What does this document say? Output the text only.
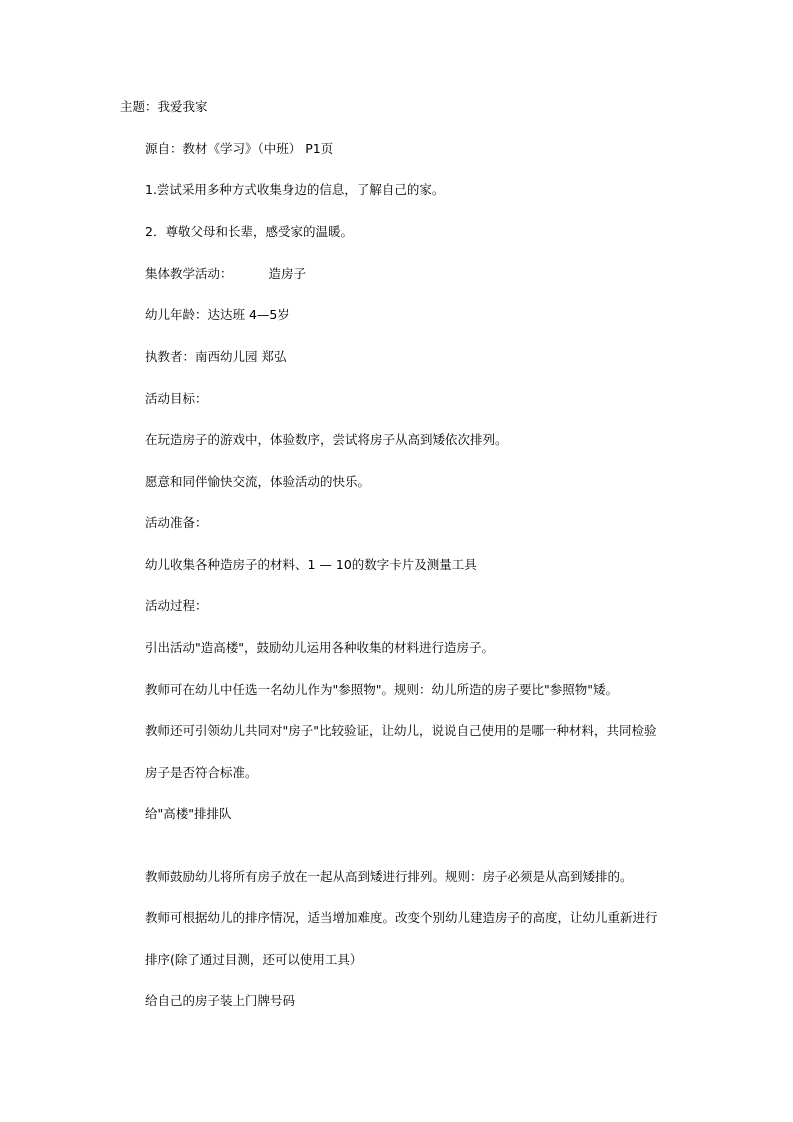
主题：我爱我家
源自：教材《学习》（中班） P1页
1.尝试采用多种方式收集身边的信息，了解自己的家。
2．尊敬父母和长辈，感受家的温暖。
集体教学活动：	造房子
幼儿年龄：达达班 4—5岁
执教者：南西幼儿园 郑弘
活动目标：
在玩造房子的游戏中，体验数序，尝试将房子从高到矮依次排列。
愿意和同伴愉快交流，体验活动的快乐。
活动准备：
幼儿收集各种造房子的材料、1 — 10的数字卡片及测量工具
活动过程：
引出活动"造高楼"，鼓励幼儿运用各种收集的材料进行造房子。
教师可在幼儿中任选一名幼儿作为"参照物"。规则：幼儿所造的房子要比"参照物"矮。
教师还可引领幼儿共同对"房子"比较验证，让幼儿，说说自己使用的是哪一种材料，共同检验
房子是否符合标准。
给"高楼"排排队
教师鼓励幼儿将所有房子放在一起从高到矮进行排列。规则：房子必须是从高到矮排的。
教师可根据幼儿的排序情况，适当增加难度。改变个别幼儿建造房子的高度，让幼儿重新进行
排序(除了通过目测，还可以使用工具）
给自己的房子装上门牌号码
